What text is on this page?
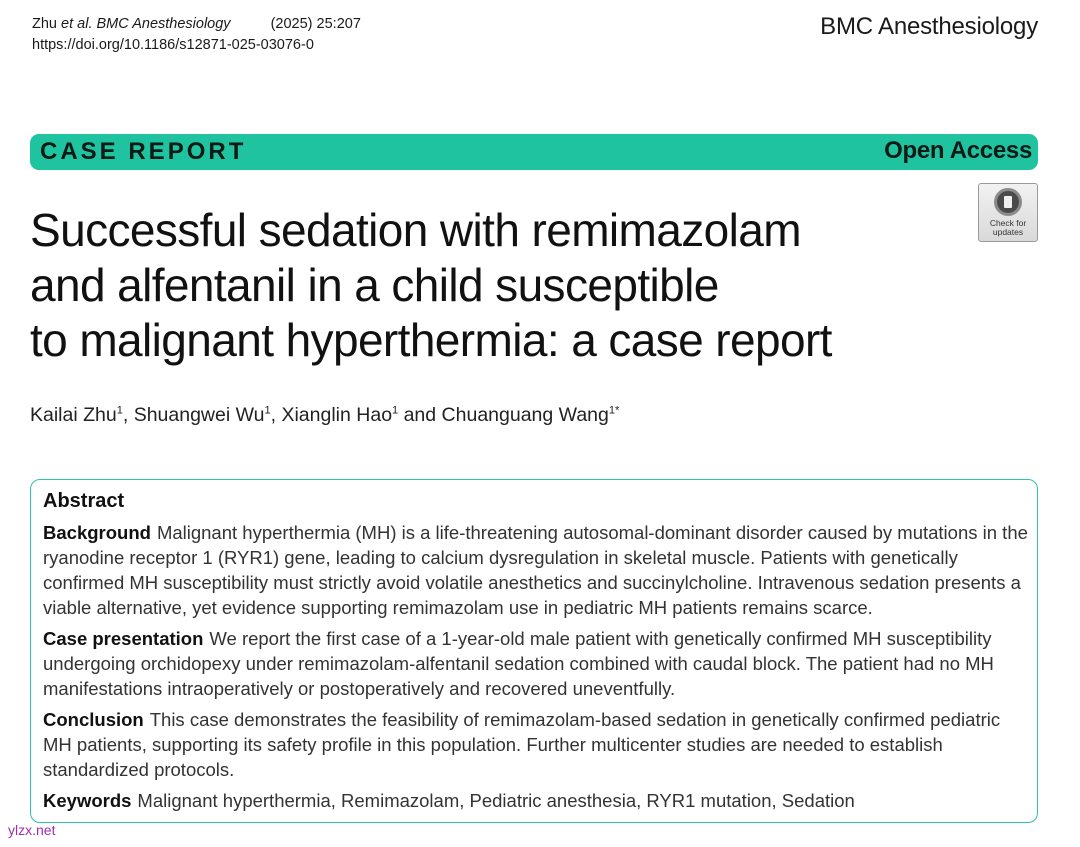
Zhu et al. BMC Anesthesiology	(2025) 25:207
https://doi.org/10.1186/s12871-025-03076-0
BMC Anesthesiology
CASE REPORT	Open Access
Check for
updates
Successful sedation with remimazolam
and alfentanil in a child susceptible
to malignant hyperthermia: a case report
Kailai Zhu$^1$, Shuangwei Wu$^1$, Xianglin Hao$^1$ and Chuanguang Wang$^{1*}$
Abstract

Background Malignant hyperthermia (MH) is a life-threatening autosomal-dominant disorder caused by mutations in the ryanodine receptor 1 (RYR1) gene, leading to calcium dysregulation in skeletal muscle. Patients with genetically confirmed MH susceptibility must strictly avoid volatile anesthetics and succinylcholine. Intravenous sedation presents a viable alternative, yet evidence supporting remimazolam use in pediatric MH patients remains scarce.

Case presentation We report the first case of a 1-year-old male patient with genetically confirmed MH susceptibility undergoing orchidopexy under remimazolam-alfentanil sedation combined with caudal block. The patient had no MH manifestations intraoperatively or postoperatively and recovered uneventfully.

Conclusion This case demonstrates the feasibility of remimazolam-based sedation in genetically confirmed pediatric MH patients, supporting its safety profile in this population. Further multicenter studies are needed to establish standardized protocols.

Keywords Malignant hyperthermia, Remimazolam, Pediatric anesthesia, RYR1 mutation, Sedation

ylzx.net
